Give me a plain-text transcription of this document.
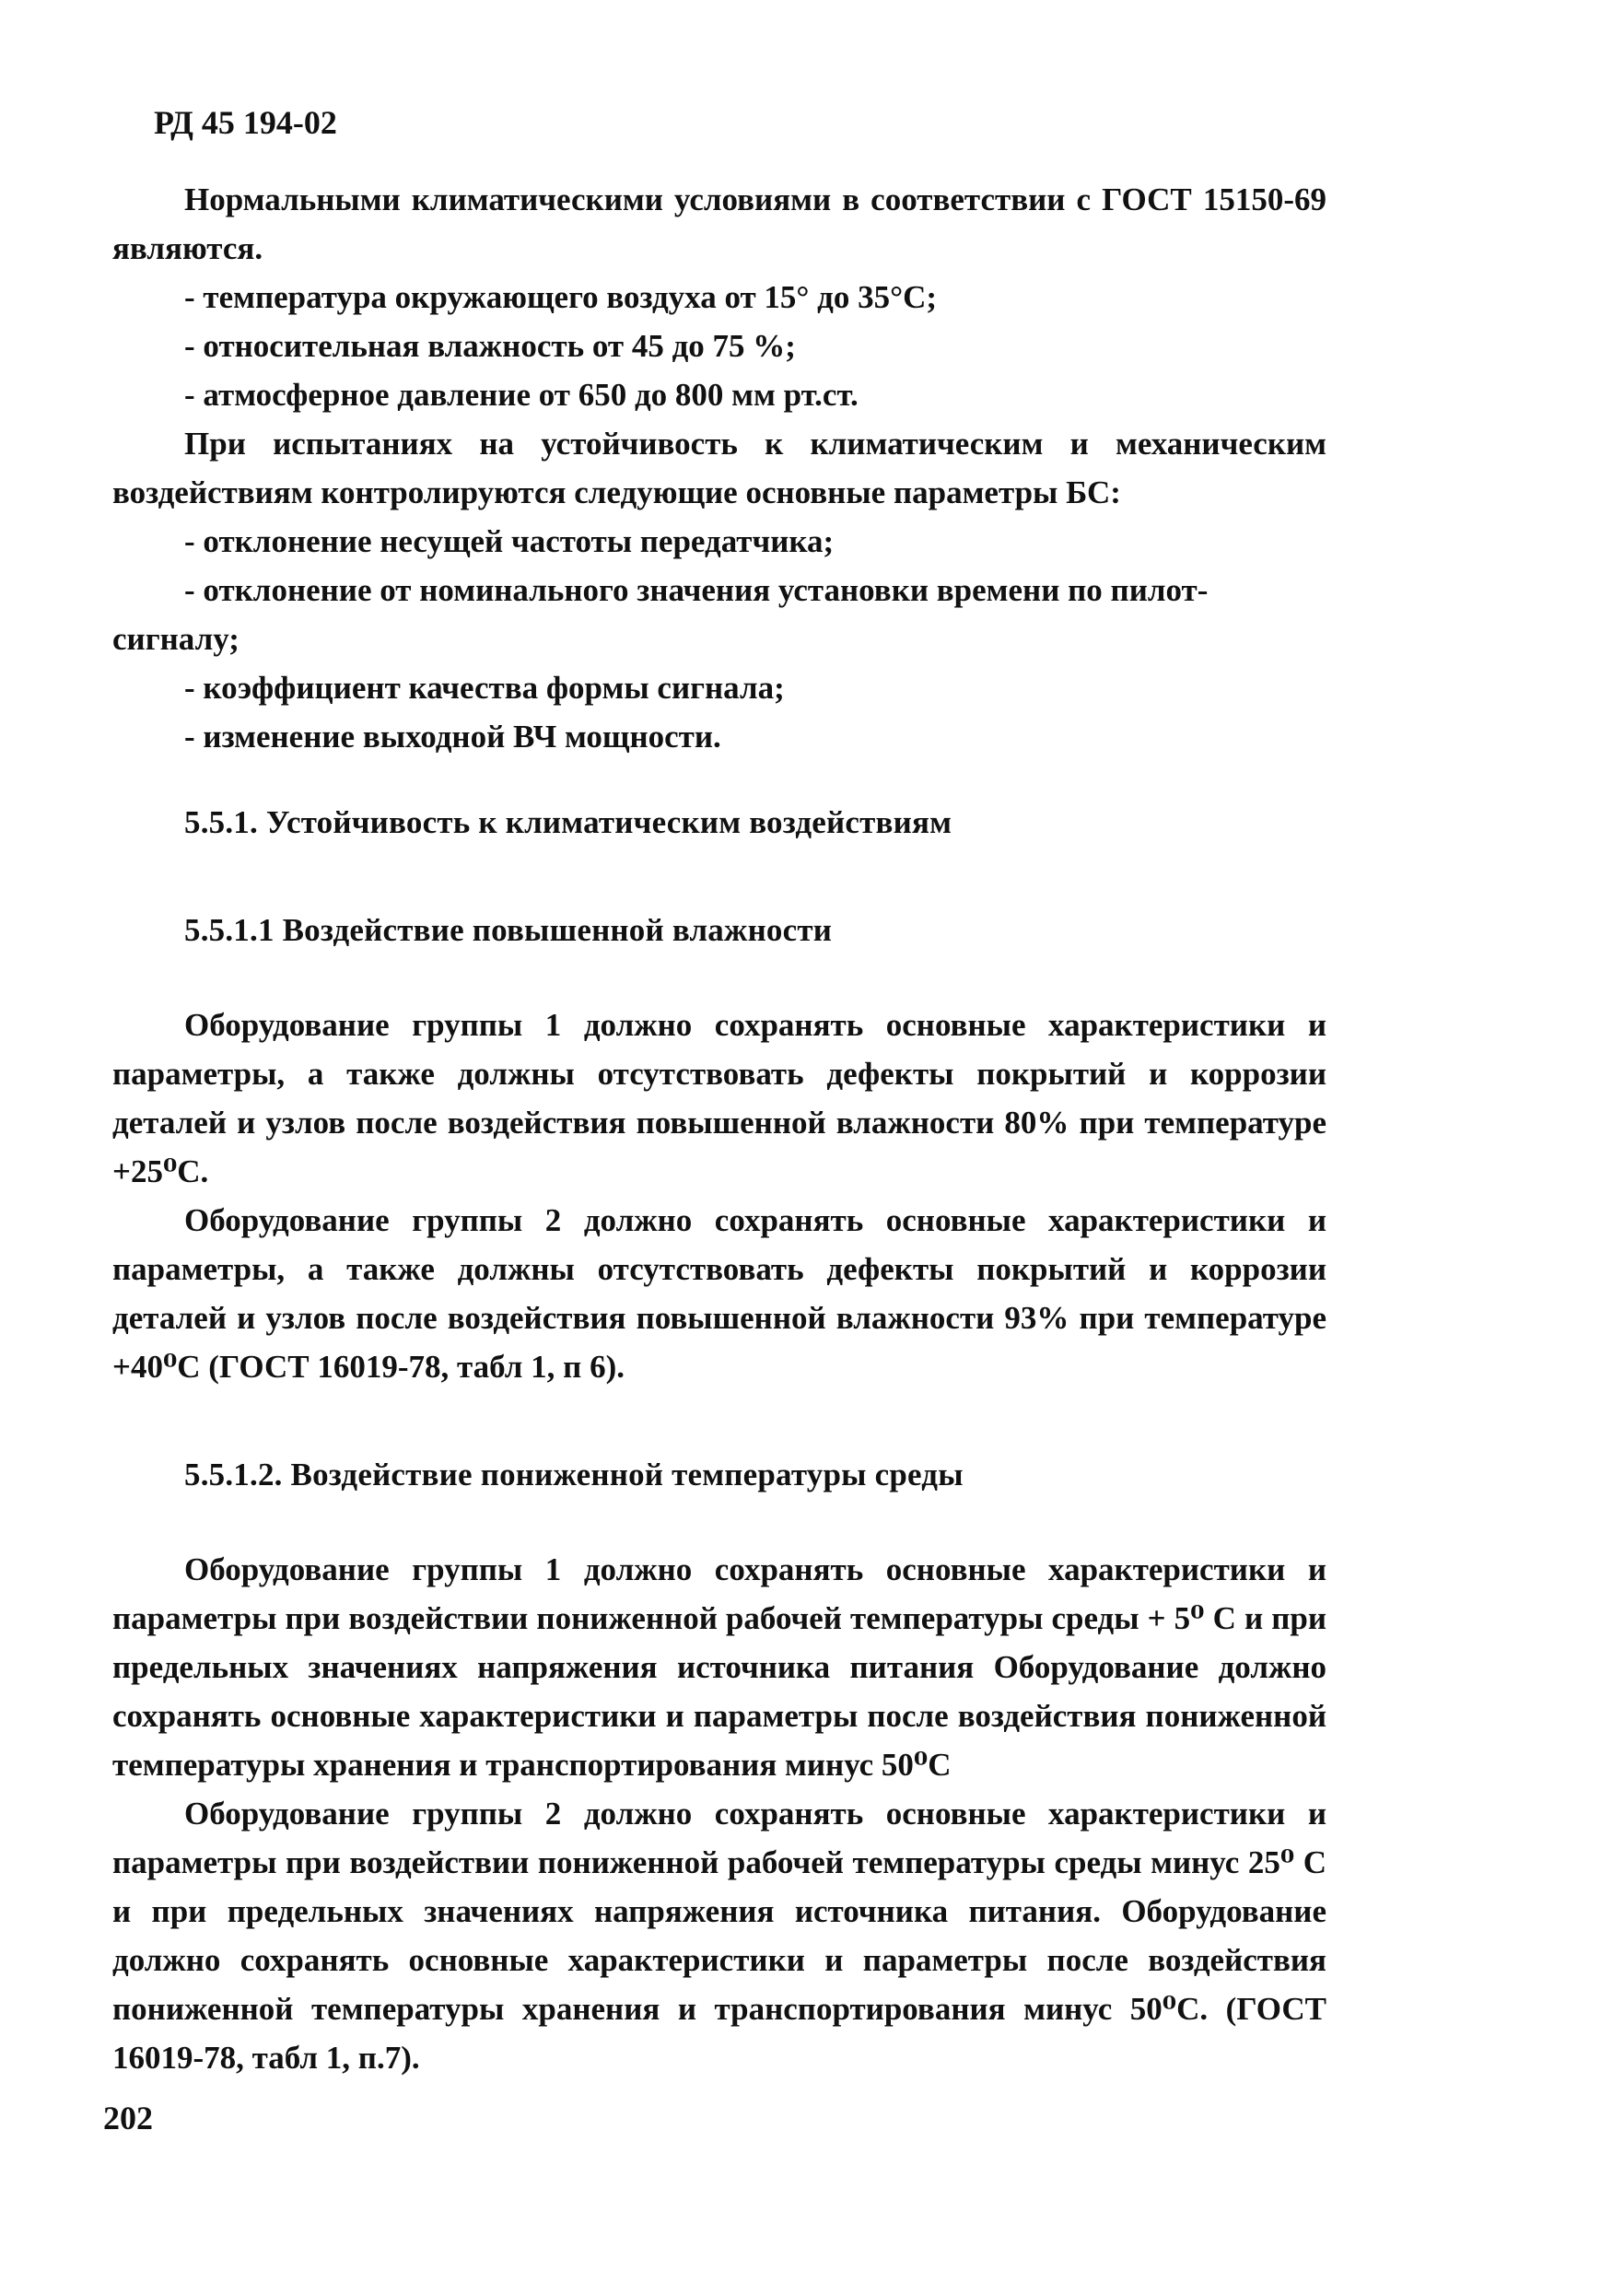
РД 45 194-02

Нормальными климатическими условиями в соответствии с ГОСТ 15150-69 являются.

- температура окружающего воздуха от 15° до 35°С;

- относительная влажность от 45 до 75 %;

- атмосферное давление от 650 до 800 мм рт.ст.

При испытаниях на устойчивость к климатическим и механическим воздействиям контролируются следующие основные параметры БС:

- отклонение несущей частоты передатчика;

- отклонение от номинального значения установки времени по пилот-сигналу;

- коэффициент качества формы сигнала;

- изменение выходной ВЧ мощности.

5.5.1. Устойчивость к климатическим воздействиям
5.5.1.1 Воздействие повышенной влажности

Оборудование группы 1 должно сохранять основные характеристики и параметры, а также должны отсутствовать дефекты покрытий и коррозии деталей и узлов после воздействия повышенной влажности 80% при температуре +25⁰С.

Оборудование группы 2 должно сохранять основные характеристики и параметры, а также должны отсутствовать дефекты покрытий и коррозии деталей и узлов после воздействия повышенной влажности 93% при температуре +40⁰С (ГОСТ 16019-78, табл 1, п 6).

5.5.1.2. Воздействие пониженной температуры среды

Оборудование группы 1 должно сохранять основные характеристики и параметры при воздействии пониженной рабочей температуры среды + 5⁰ С и при предельных значениях напряжения источника питания Оборудование должно сохранять основные характеристики и параметры после воздействия пониженной температуры хранения и транспортирования минус 50⁰С

Оборудование группы 2 должно сохранять основные характеристики и параметры при воздействии пониженной рабочей температуры среды минус 25⁰ С и при предельных значениях напряжения источника питания. Оборудование должно сохранять основные характеристики и параметры после воздействия пониженной температуры хранения и транспортирования минус 50⁰С. (ГОСТ 16019-78, табл 1, п.7).

202
